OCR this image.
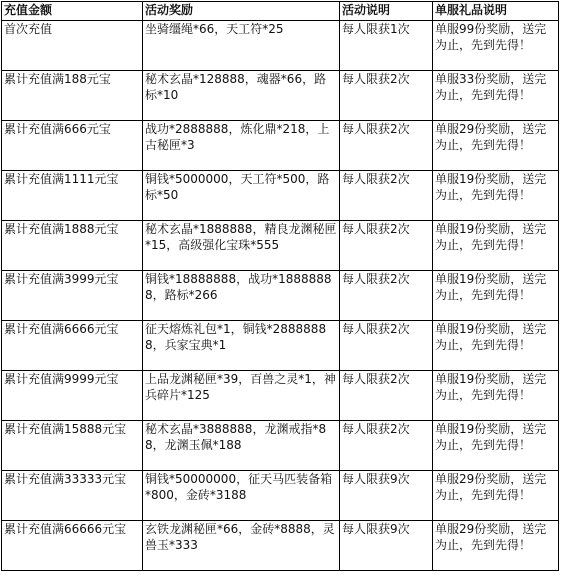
充值金额	活动奖励	活动说明	单服礼品说明
首次充值	坐骑缰绳*66，天工符*25	每人限获1次	单服99份奖励，送完为止，先到先得！
累计充值满188元宝	秘术玄晶*128888，魂器*66，路标*10	每人限获2次	单服33份奖励，送完为止，先到先得！
累计充值满666元宝	战功*2888888，炼化鼎*218，上古秘匣*3	每人限获2次	单服29份奖励，送完为止，先到先得！
累计充值满1111元宝	铜钱*5000000，天工符*500，路标*50	每人限获2次	单服19份奖励，送完为止，先到先得！
累计充值满1888元宝	秘术玄晶*1888888，精良龙渊秘匣*15，高级强化宝珠*555	每人限获2次	单服19份奖励，送完为止，先到先得！
累计充值满3999元宝	铜钱*18888888，战功*18888888，路标*266	每人限获2次	单服19份奖励，送完为止，先到先得！
累计充值满6666元宝	征天熔炼礼包*1，铜钱*28888888，兵家宝典*1	每人限获2次	单服19份奖励，送完为止，先到先得！
累计充值满9999元宝	上品龙渊秘匣*39，百兽之灵*1，神兵碎片*125	每人限获2次	单服19份奖励，送完为止，先到先得！
累计充值满15888元宝	秘术玄晶*3888888，龙渊戒指*88，龙渊玉佩*188	每人限获2次	单服19份奖励，送完为止，先到先得！
累计充值满33333元宝	铜钱*50000000，征天马匹装备箱*800，金砖*3188	每人限获9次	单服29份奖励，送完为止，先到先得！
累计充值满66666元宝	玄铁龙渊秘匣*66，金砖*8888，灵兽玉*333	每人限获9次	单服29份奖励，送完为止，先到先得！
